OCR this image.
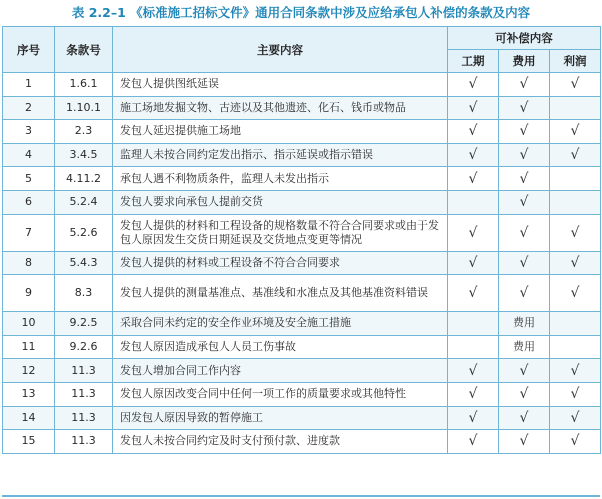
表 2.2–1 《标准施工招标文件》通用合同条款中涉及应给承包人补偿的条款及内容
序号	条款号	主要内容	可补偿内容		
			工期	费用	利润
1	1.6.1	发包人提供图纸延误	√	√	√
2	1.10.1	施工场地发掘文物、古迹以及其他遗迹、化石、钱币或物品	√	√	
3	2.3	发包人延迟提供施工场地	√	√	√
4	3.4.5	监理人未按合同约定发出指示、指示延误或指示错误	√	√	√
5	4.11.2	承包人遇不利物质条件，监理人未发出指示	√	√	
6	5.2.4	发包人要求向承包人提前交货		√	
7	5.2.6	发包人提供的材料和工程设备的规格数量不符合合同要求或由于发包人原因发生交货日期延误及交货地点变更等情况	√	√	√
8	5.4.3	发包人提供的材料或工程设备不符合合同要求	√	√	√
9	8.3	发包人提供的测量基准点、基准线和水准点及其他基准资料错误	√	√	√
10	9.2.5	采取合同未约定的安全作业环境及安全施工措施		费用	
11	9.2.6	发包人原因造成承包人人员工伤事故		费用	
12	11.3	发包人增加合同工作内容	√	√	√
13	11.3	发包人原因改变合同中任何一项工作的质量要求或其他特性	√	√	√
14	11.3	因发包人原因导致的暂停施工	√	√	√
15	11.3	发包人未按合同约定及时支付预付款、进度款	√	√	√
